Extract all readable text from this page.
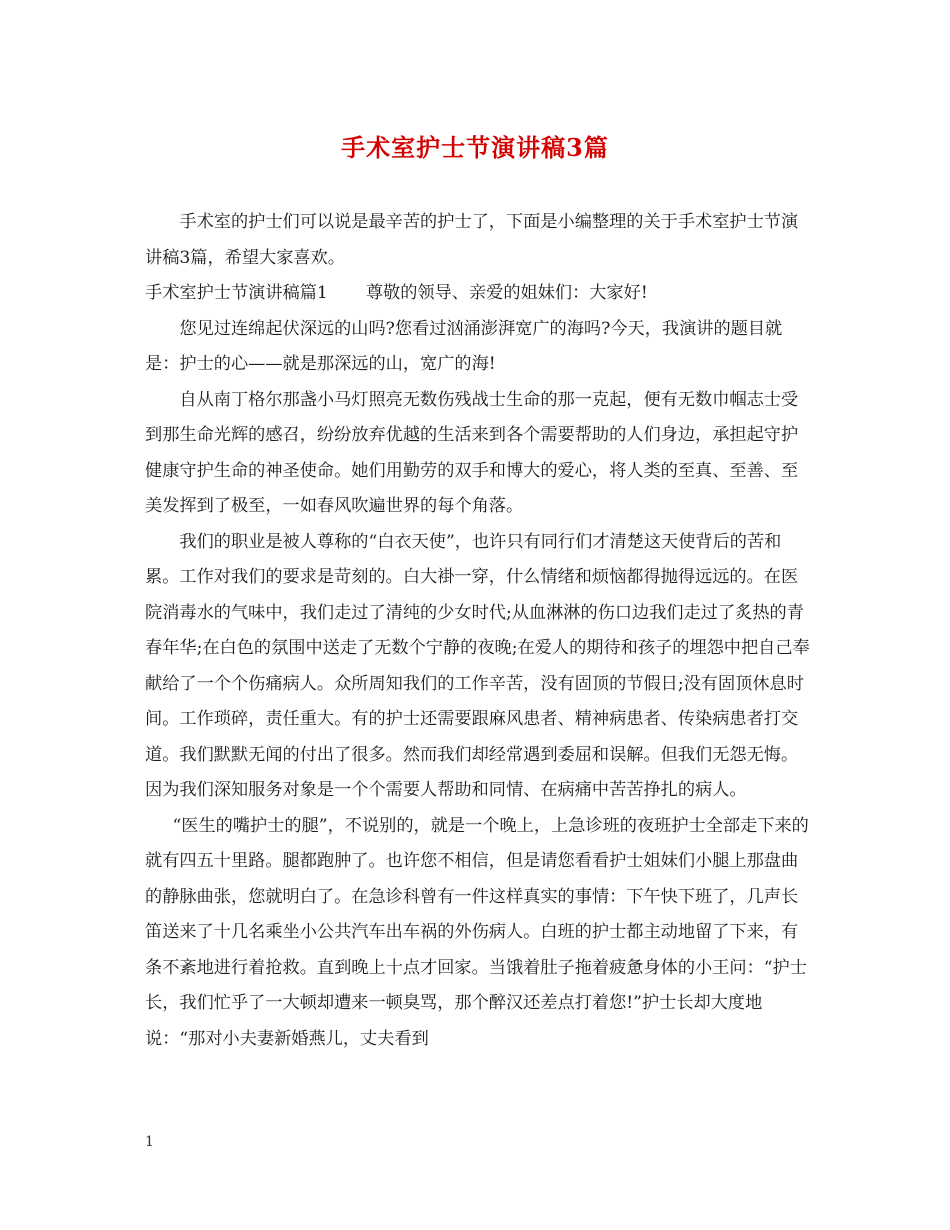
手术室护士节演讲稿3篇

手术室的护士们可以说是最辛苦的护士了，下面是小编整理的关于手术室护士节演讲稿3篇，希望大家喜欢。

手术室护士节演讲稿篇1 尊敬的领导、亲爱的姐妹们：大家好!

您见过连绵起伏深远的山吗?您看过汹涌澎湃宽广的海吗?今天，我演讲的题目就是：护士的心——就是那深远的山，宽广的海!

自从南丁格尔那盏小马灯照亮无数伤残战士生命的那一克起，便有无数巾帼志士受到那生命光辉的感召，纷纷放弃优越的生活来到各个需要帮助的人们身边，承担起守护健康守护生命的神圣使命。她们用勤劳的双手和博大的爱心，将人类的至真、至善、至美发挥到了极至，一如春风吹遍世界的每个角落。

我们的职业是被人尊称的“白衣天使”，也许只有同行们才清楚这天使背后的苦和累。工作对我们的要求是苛刻的。白大褂一穿，什么情绪和烦恼都得抛得远远的。在医院消毒水的气味中，我们走过了清纯的少女时代;从血淋淋的伤口边我们走过了炙热的青春年华;在白色的氛围中送走了无数个宁静的夜晚;在爱人的期待和孩子的埋怨中把自己奉献给了一个个伤痛病人。众所周知我们的工作辛苦，没有固顶的节假日;没有固顶休息时间。工作琐碎，责任重大。有的护士还需要跟麻风患者、精神病患者、传染病患者打交道。我们默默无闻的付出了很多。然而我们却经常遇到委屈和误解。但我们无怨无悔。因为我们深知服务对象是一个个需要人帮助和同情、在病痛中苦苦挣扎的病人。

“医生的嘴护士的腿”，不说别的，就是一个晚上，上急诊班的夜班护士全部走下来的就有四五十里路。腿都跑肿了。也许您不相信，但是请您看看护士姐妹们小腿上那盘曲的静脉曲张，您就明白了。在急诊科曾有一件这样真实的事情：下午快下班了，几声长笛送来了十几名乘坐小公共汽车出车祸的外伤病人。白班的护士都主动地留了下来，有条不紊地进行着抢救。直到晚上十点才回家。当饿着肚子拖着疲惫身体的小王问：“护士长，我们忙乎了一大顿却遭来一顿臭骂，那个醉汉还差点打着您!”护士长却大度地说：“那对小夫妻新婚燕儿，丈夫看到

1
